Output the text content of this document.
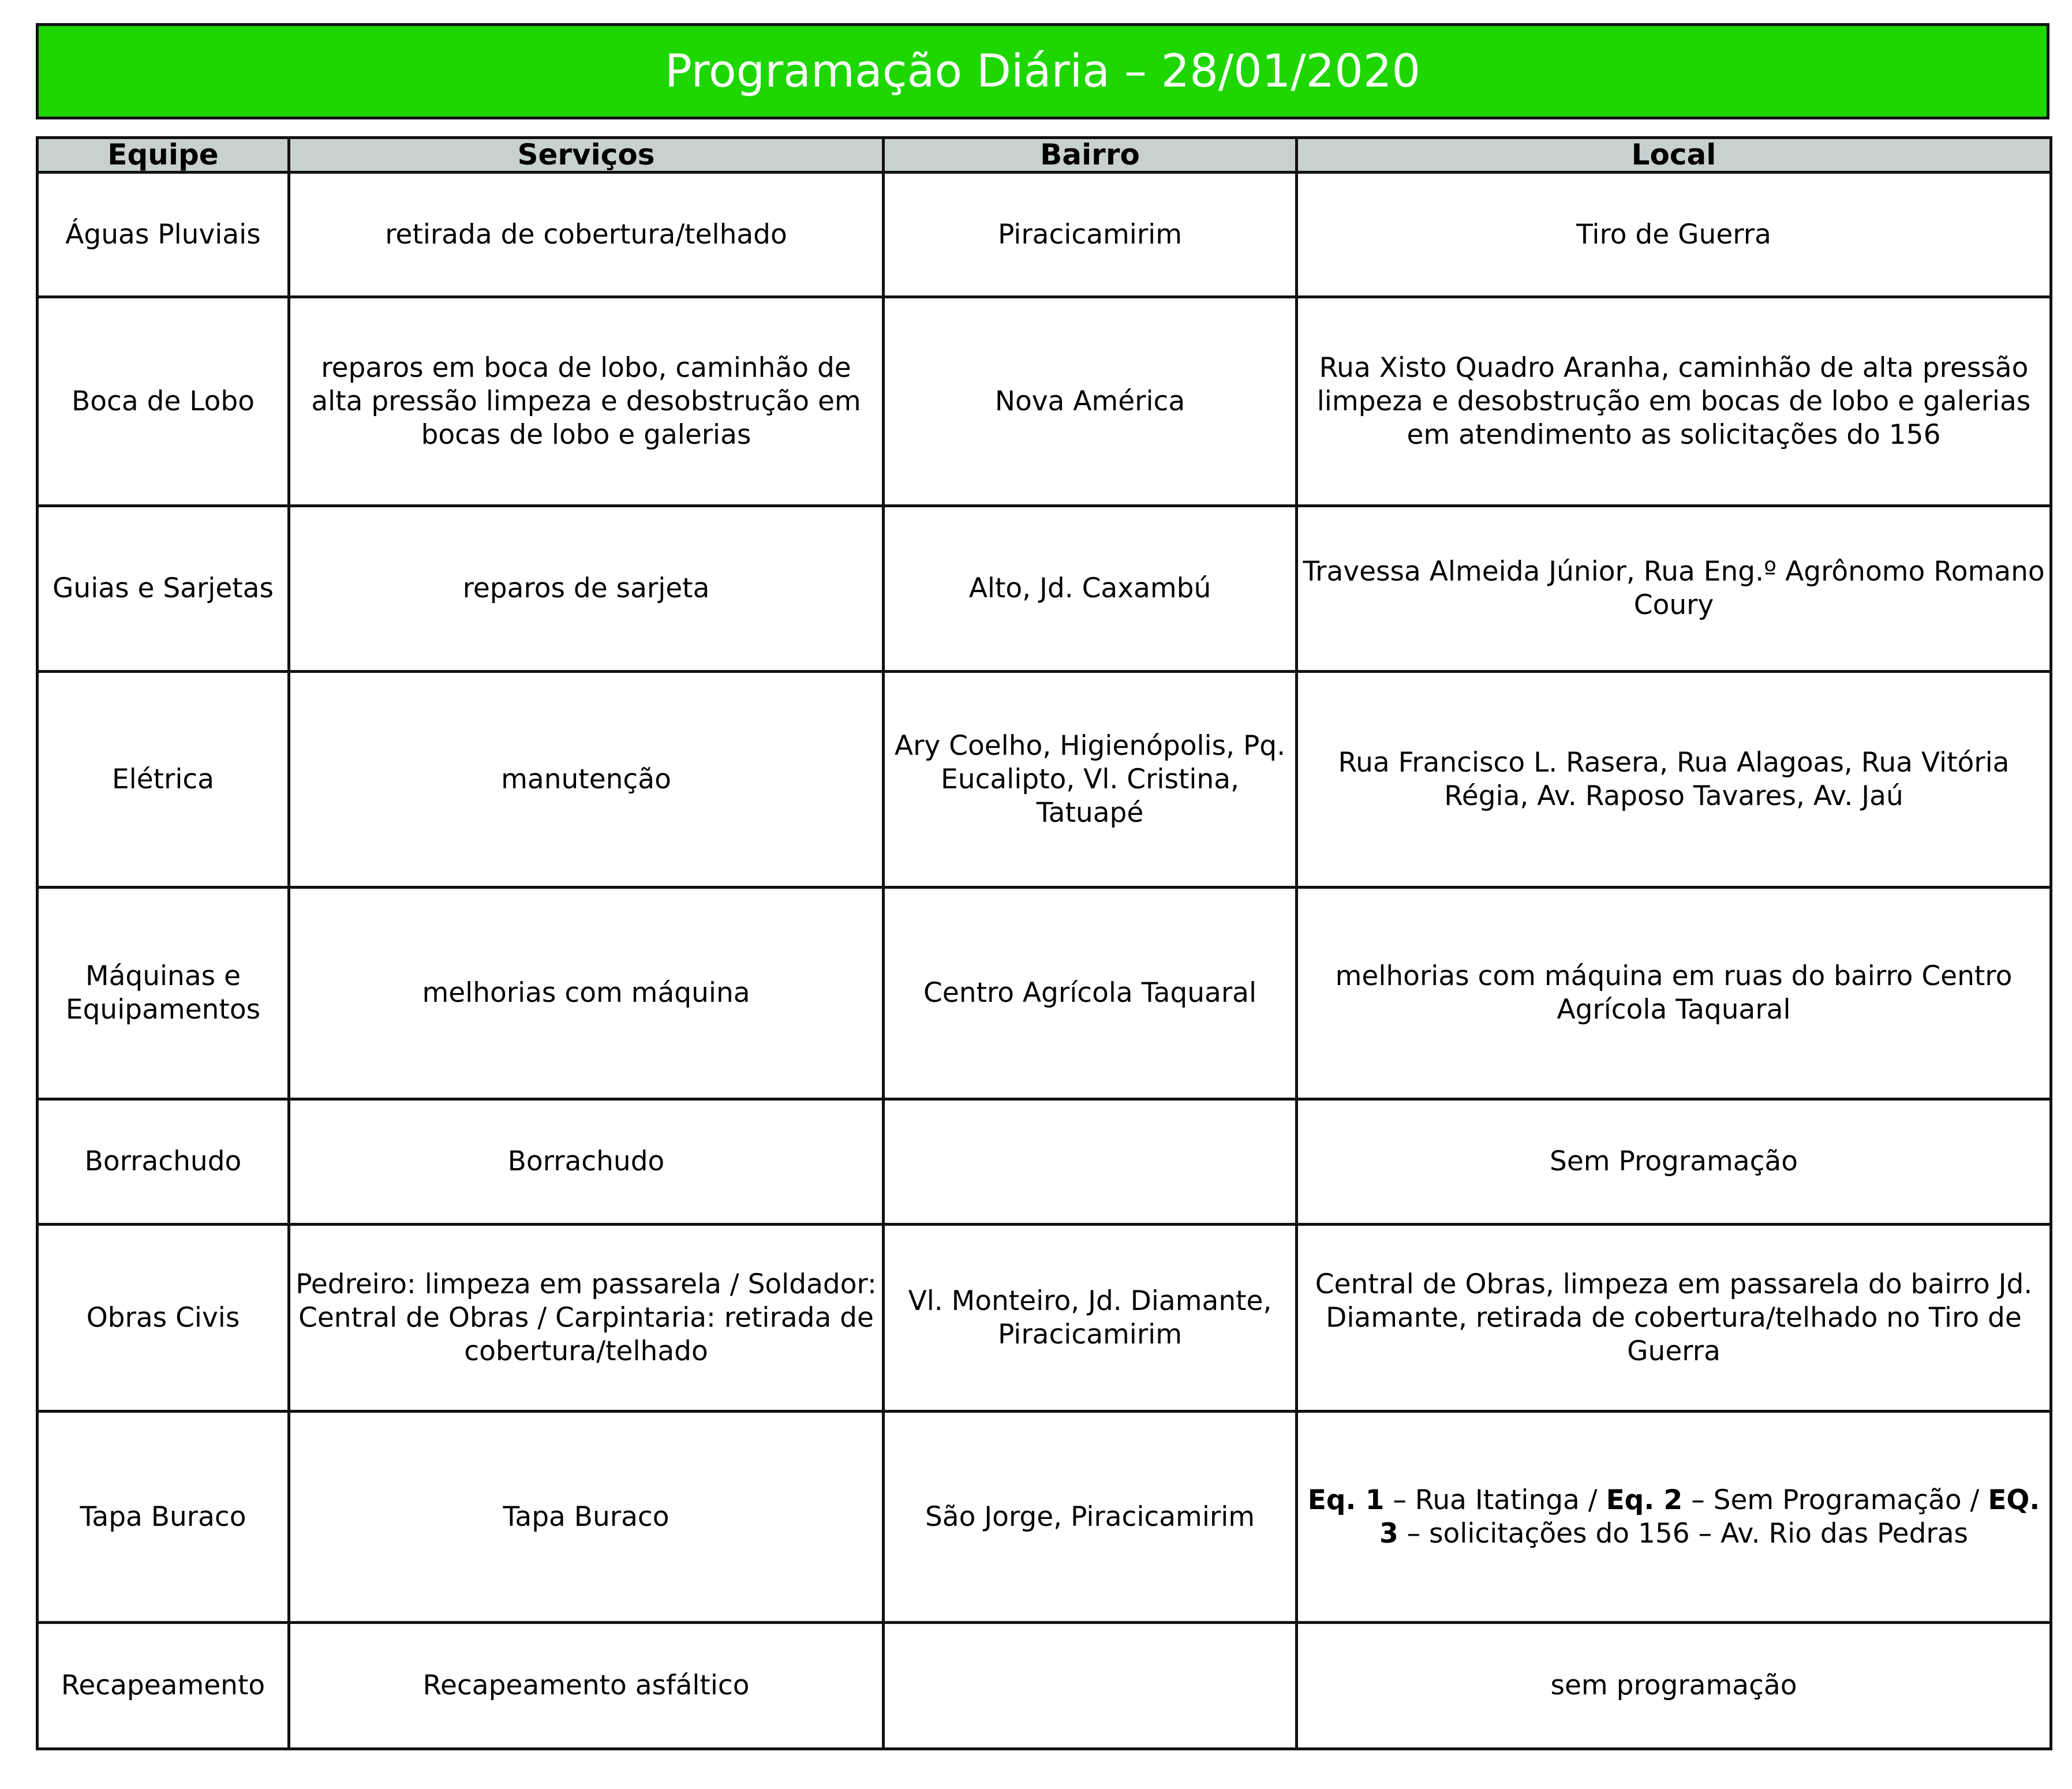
Programação Diária – 28/01/2020
Equipe	Serviços	Bairro	Local
Águas Pluviais	retirada de cobertura/telhado	Piracicamirim	Tiro de Guerra
Boca de Lobo	reparos em boca de lobo, caminhão de alta pressão limpeza e desobstrução em bocas de lobo e galerias	Nova América	Rua Xisto Quadro Aranha, caminhão de alta pressão limpeza e desobstrução em bocas de lobo e galerias em atendimento as solicitações do 156
Guias e Sarjetas	reparos de sarjeta	Alto, Jd. Caxambú	Travessa Almeida Júnior, Rua Eng.º Agrônomo Romano Coury
Elétrica	manutenção	Ary Coelho, Higienópolis, Pq. Eucalipto, Vl. Cristina, Tatuapé	Rua Francisco L. Rasera, Rua Alagoas, Rua Vitória Régia, Av. Raposo Tavares, Av. Jaú
Máquinas e Equipamentos	melhorias com máquina	Centro Agrícola Taquaral	melhorias com máquina em ruas do bairro Centro Agrícola Taquaral
Borrachudo	Borrachudo		Sem Programação
Obras Civis	Pedreiro: limpeza em passarela / Soldador: Central de Obras / Carpintaria: retirada de cobertura/telhado	Vl. Monteiro, Jd. Diamante, Piracicamirim	Central de Obras, limpeza em passarela do bairro Jd. Diamante, retirada de cobertura/telhado no Tiro de Guerra
Tapa Buraco	Tapa Buraco	São Jorge, Piracicamirim	Eq. 1 – Rua Itatinga / Eq. 2 – Sem Programação / EQ. 3 – solicitações do 156 – Av. Rio das Pedras
Recapeamento	Recapeamento asfáltico		sem programação
